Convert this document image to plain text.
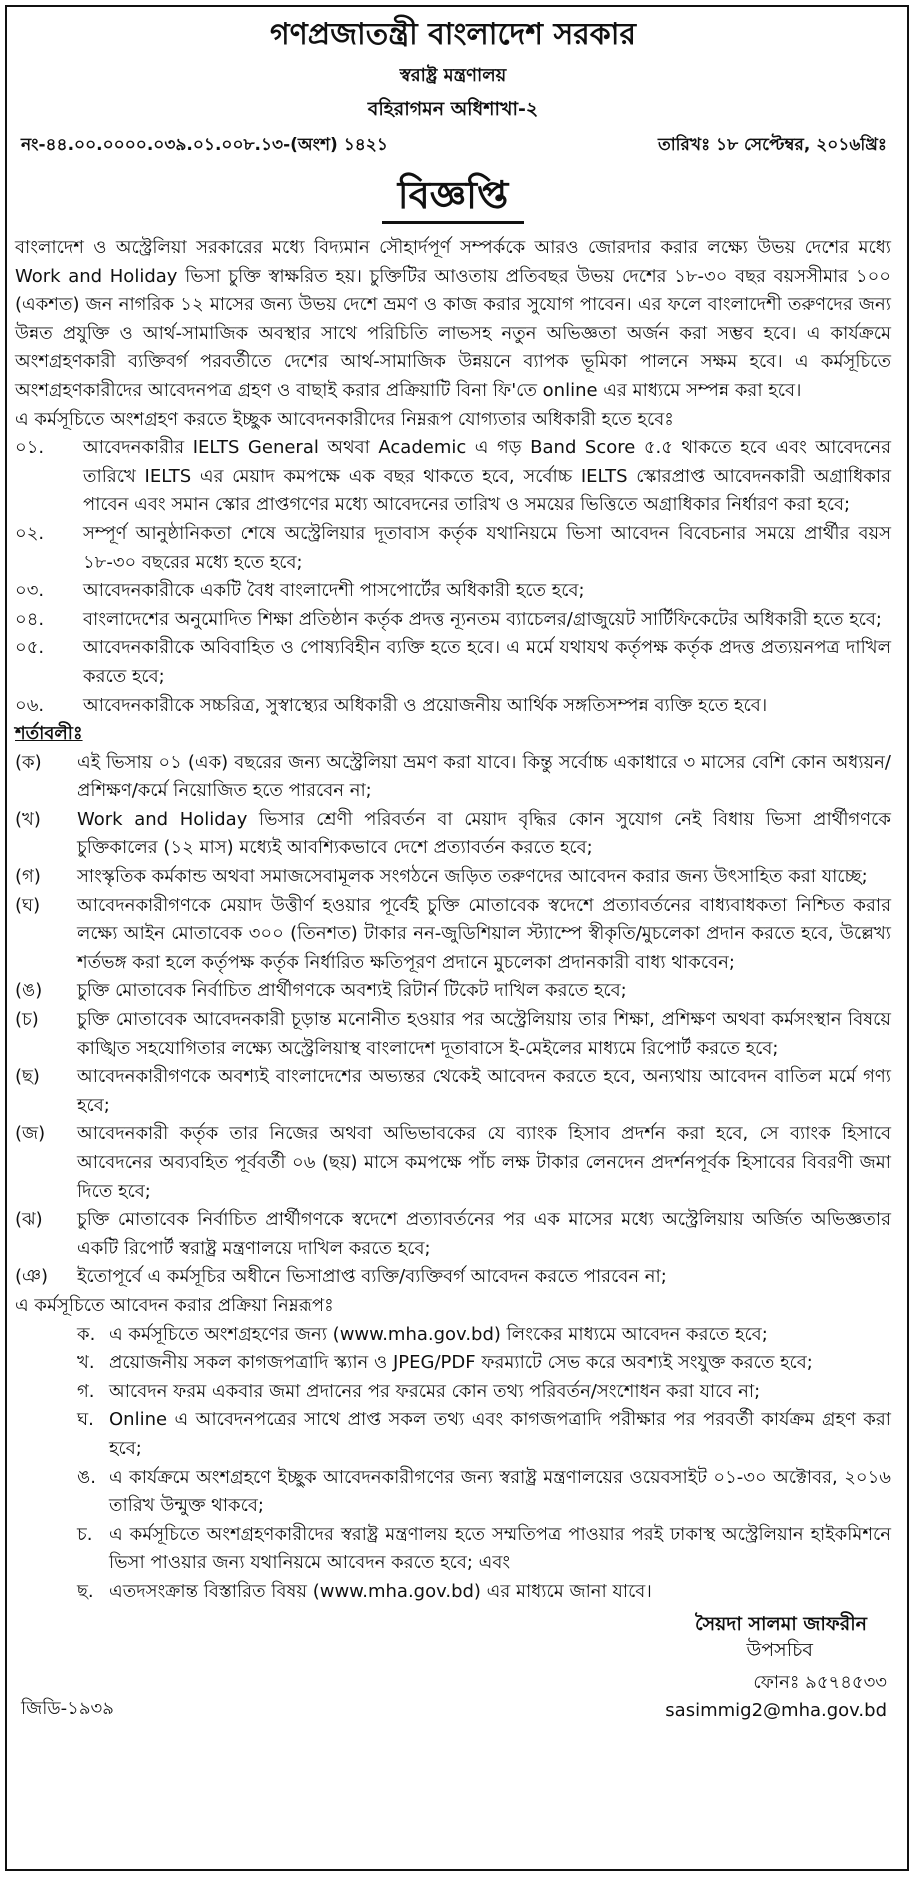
গণপ্রজাতন্ত্রী বাংলাদেশ সরকার
স্বরাষ্ট্র মন্ত্রণালয়
বহিরাগমন অধিশাখা-২
নং-৪৪.০০.০০০০.০৩৯.০১.০০৮.১৩-(অংশ) ১৪২১	তারিখঃ ১৮ সেপ্টেম্বর, ২০১৬খ্রিঃ
বিজ্ঞপ্তি

বাংলাদেশ ও অস্ট্রেলিয়া সরকারের মধ্যে বিদ্যমান সৌহার্দপূর্ণ সম্পর্ককে আরও জোরদার করার লক্ষ্যে উভয় দেশের মধ্যে Work and Holiday ভিসা চুক্তি স্বাক্ষরিত হয়। চুক্তিটির আওতায় প্রতিবছর উভয় দেশের ১৮-৩০ বছর বয়সসীমার ১০০ (একশত) জন নাগরিক ১২ মাসের জন্য উভয় দেশে ভ্রমণ ও কাজ করার সুযোগ পাবেন। এর ফলে বাংলাদেশী তরুণদের জন্য উন্নত প্রযুক্তি ও আর্থ-সামাজিক অবস্থার সাথে পরিচিতি লাভসহ নতুন অভিজ্ঞতা অর্জন করা সম্ভব হবে। এ কার্যক্রমে অংশগ্রহণকারী ব্যক্তিবর্গ পরবর্তীতে দেশের আর্থ-সামাজিক উন্নয়নে ব্যাপক ভূমিকা পালনে সক্ষম হবে। এ কর্মসূচিতে অংশগ্রহণকারীদের আবেদনপত্র গ্রহণ ও বাছাই করার প্রক্রিয়াটি বিনা ফি'তে online এর মাধ্যমে সম্পন্ন করা হবে।

এ কর্মসূচিতে অংশগ্রহণ করতে ইচ্ছুক আবেদনকারীদের নিম্নরূপ যোগ্যতার অধিকারী হতে হবেঃ

০১.	আবেদনকারীর IELTS General অথবা Academic এ গড় Band Score ৫.৫ থাকতে হবে এবং আবেদনের তারিখে IELTS এর মেয়াদ কমপক্ষে এক বছর থাকতে হবে, সর্বোচ্চ IELTS স্কোরপ্রাপ্ত আবেদনকারী অগ্রাধিকার পাবেন এবং সমান স্কোর প্রাপ্তগণের মধ্যে আবেদনের তারিখ ও সময়ের ভিত্তিতে অগ্রাধিকার নির্ধারণ করা হবে;
০২.	সম্পূর্ণ আনুষ্ঠানিকতা শেষে অস্ট্রেলিয়ার দূতাবাস কর্তৃক যথানিয়মে ভিসা আবেদন বিবেচনার সময়ে প্রার্থীর বয়স ১৮-৩০ বছরের মধ্যে হতে হবে;
০৩.	আবেদনকারীকে একটি বৈধ বাংলাদেশী পাসপোর্টের অধিকারী হতে হবে;
০৪.	বাংলাদেশের অনুমোদিত শিক্ষা প্রতিষ্ঠান কর্তৃক প্রদত্ত ন্যূনতম ব্যাচেলর/গ্রাজুয়েট সার্টিফিকেটের অধিকারী হতে হবে;
০৫.	আবেদনকারীকে অবিবাহিত ও পোষ্যবিহীন ব্যক্তি হতে হবে। এ মর্মে যথাযথ কর্তৃপক্ষ কর্তৃক প্রদত্ত প্রত্যয়নপত্র দাখিল করতে হবে;
০৬.	আবেদনকারীকে সচ্চরিত্র, সুস্বাস্থ্যের অধিকারী ও প্রয়োজনীয় আর্থিক সঙ্গতিসম্পন্ন ব্যক্তি হতে হবে।
শর্তাবলীঃ
(ক)	এই ভিসায় ০১ (এক) বছরের জন্য অস্ট্রেলিয়া ভ্রমণ করা যাবে। কিন্তু সর্বোচ্চ একাধারে ৩ মাসের বেশি কোন অধ্যয়ন/প্রশিক্ষণ/কর্মে নিয়োজিত হতে পারবেন না;
(খ)	Work and Holiday ভিসার শ্রেণী পরিবর্তন বা মেয়াদ বৃদ্ধির কোন সুযোগ নেই বিধায় ভিসা প্রার্থীগণকে চুক্তিকালের (১২ মাস) মধ্যেই আবশ্যিকভাবে দেশে প্রত্যাবর্তন করতে হবে;
(গ)	সাংস্কৃতিক কর্মকান্ড অথবা সমাজসেবামূলক সংগঠনে জড়িত তরুণদের আবেদন করার জন্য উৎসাহিত করা যাচ্ছে;
(ঘ)	আবেদনকারীগণকে মেয়াদ উত্তীর্ণ হওয়ার পূর্বেই চুক্তি মোতাবেক স্বদেশে প্রত্যাবর্তনের বাধ্যবাধকতা নিশ্চিত করার লক্ষ্যে আইন মোতাবেক ৩০০ (তিনশত) টাকার নন-জুডিশিয়াল স্ট্যাম্পে স্বীকৃতি/মুচলেকা প্রদান করতে হবে, উল্লেখ্য শর্তভঙ্গ করা হলে কর্তৃপক্ষ কর্তৃক নির্ধারিত ক্ষতিপূরণ প্রদানে মুচলেকা প্রদানকারী বাধ্য থাকবেন;
(ঙ)	চুক্তি মোতাবেক নির্বাচিত প্রার্থীগণকে অবশ্যই রিটার্ন টিকেট দাখিল করতে হবে;
(চ)	চুক্তি মোতাবেক আবেদনকারী চূড়ান্ত মনোনীত হওয়ার পর অস্ট্রেলিয়ায় তার শিক্ষা, প্রশিক্ষণ অথবা কর্মসংস্থান বিষয়ে কাঙ্খিত সহযোগিতার লক্ষ্যে অস্ট্রেলিয়াস্থ বাংলাদেশ দূতাবাসে ই-মেইলের মাধ্যমে রিপোর্ট করতে হবে;
(ছ)	আবেদনকারীগণকে অবশ্যই বাংলাদেশের অভ্যন্তর থেকেই আবেদন করতে হবে, অন্যথায় আবেদন বাতিল মর্মে গণ্য হবে;
(জ)	আবেদনকারী কর্তৃক তার নিজের অথবা অভিভাবকের যে ব্যাংক হিসাব প্রদর্শন করা হবে, সে ব্যাংক হিসাবে আবেদনের অব্যবহিত পূর্ববর্তী ০৬ (ছয়) মাসে কমপক্ষে পাঁচ লক্ষ টাকার লেনদেন প্রদর্শনপূর্বক হিসাবের বিবরণী জমা দিতে হবে;
(ঝ)	চুক্তি মোতাবেক নির্বাচিত প্রার্থীগণকে স্বদেশে প্রত্যাবর্তনের পর এক মাসের মধ্যে অস্ট্রেলিয়ায় অর্জিত অভিজ্ঞতার একটি রিপোর্ট স্বরাষ্ট্র মন্ত্রণালয়ে দাখিল করতে হবে;
(ঞ)	ইতোপূর্বে এ কর্মসূচির অধীনে ভিসাপ্রাপ্ত ব্যক্তি/ব্যক্তিবর্গ আবেদন করতে পারবেন না;

এ কর্মসূচিতে আবেদন করার প্রক্রিয়া নিম্নরূপঃ

ক. এ কর্মসূচিতে অংশগ্রহণের জন্য (www.mha.gov.bd) লিংকের মাধ্যমে আবেদন করতে হবে;
খ. প্রয়োজনীয় সকল কাগজপত্রাদি স্ক্যান ও JPEG/PDF ফরম্যাটে সেভ করে অবশ্যই সংযুক্ত করতে হবে;
গ. আবেদন ফরম একবার জমা প্রদানের পর ফরমের কোন তথ্য পরিবর্তন/সংশোধন করা যাবে না;
ঘ. Online এ আবেদনপত্রের সাথে প্রাপ্ত সকল তথ্য এবং কাগজপত্রাদি পরীক্ষার পর পরবর্তী কার্যক্রম গ্রহণ করা হবে;
ঙ. এ কার্যক্রমে অংশগ্রহণে ইচ্ছুক আবেদনকারীগণের জন্য স্বরাষ্ট্র মন্ত্রণালয়ের ওয়েবসাইট ০১-৩০ অক্টোবর, ২০১৬ তারিখ উন্মুক্ত থাকবে;
চ. এ কর্মসূচিতে অংশগ্রহণকারীদের স্বরাষ্ট্র মন্ত্রণালয় হতে সম্মতিপত্র পাওয়ার পরই ঢাকাস্থ অস্ট্রেলিয়ান হাইকমিশনে ভিসা পাওয়ার জন্য যথানিয়মে আবেদন করতে হবে; এবং
ছ. এতদসংক্রান্ত বিস্তারিত বিষয় (www.mha.gov.bd) এর মাধ্যমে জানা যাবে।
সৈয়দা সালমা জাফরীন
উপসচিব
জিডি-১৯৩৯
ফোনঃ ৯৫৭৪৫৩৩
sasimmig2@mha.gov.bd
